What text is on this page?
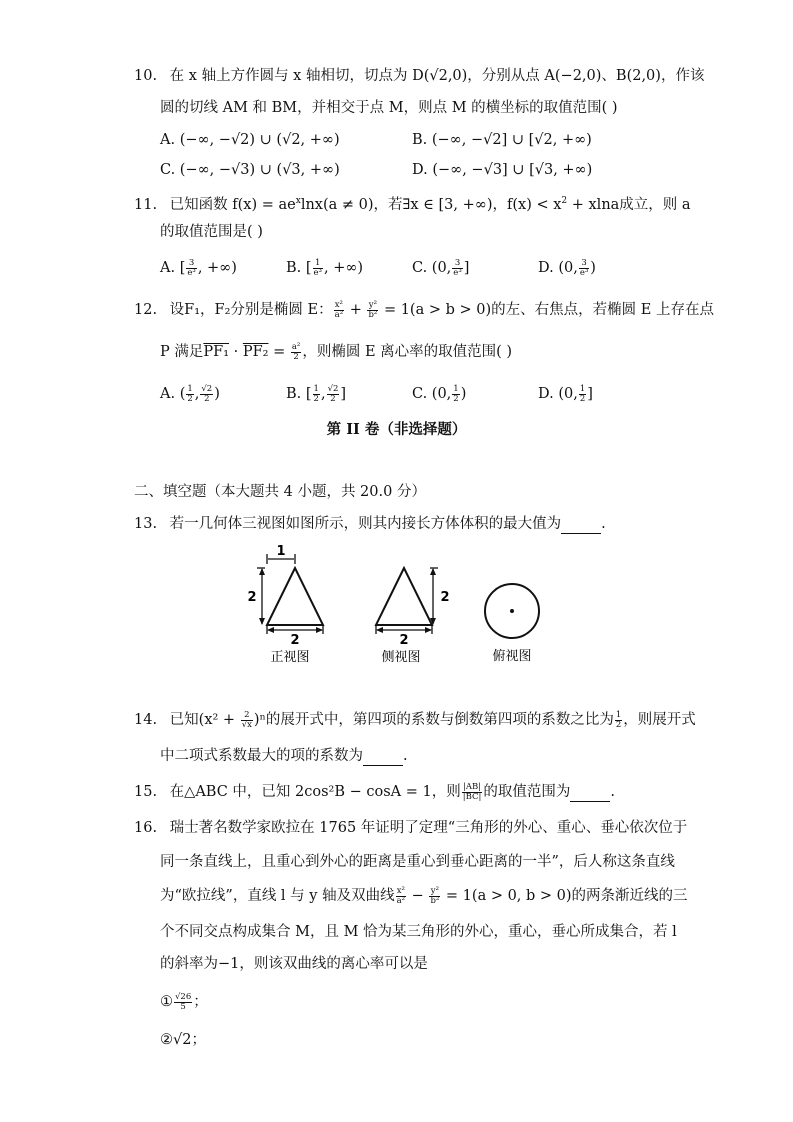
10. 在 x 轴上方作圆与 x 轴相切，切点为 D(√2,0)，分别从点 A(−2,0)、B(2,0)，作该
圆的切线 AM 和 BM，并相交于点 M，则点 M 的横坐标的取值范围( )
A. (−∞, −√2) ∪ (√2, +∞)	B. (−∞, −√2] ∪ [√2, +∞)
C. (−∞, −√3) ∪ (√3, +∞)	D. (−∞, −√3] ∪ [√3, +∞)
11. 已知函数 $f(x) = ae^x\ln x(a \ne 0)$，若∃x ∈ [3, +∞)，$f(x) < x^2 + xlna$成立，则 a
的取值范围是( )
A. [ $\frac{3}{\text{e³}}$ , +∞)	B. [ $\frac{1}{\text{e³}}$ , +∞)	C. (0, $\frac{3}{\text{e³}}$ ]	D. (0, $\frac{3}{\text{e³}}$ )
12. 设F₁，F₂分别是椭圆 E： $\frac{\text{x²}}{\text{a²}} + \frac{\text{y²}}{\text{b²}} = 1(a > b > 0)$的左、右焦点，若椭圆 E 上存在点
P 满足$PF_1 \cdot PF_2 = \frac{\text{a²}}{2}$ ，则椭圆 E 离心率的取值范围( )
A. ( $\frac{1}{2}$ , $\frac{√2}{2}$ )	B. [ $\frac{1}{2}$ , $\frac{√2}{2}$ ]	C. (0, $\frac{1}{2}$ )	D. (0, $\frac{1}{2}$ ]
第 II 卷（非选择题）
二、填空题（本大题共 4 小题，共 20.0 分）
13. 若一几何体三视图如图所示，则其内接长方体体积的最大值为	.
1
2
2
正视图
2
2
侧视图	俯视图
14. 已知$(x^2 + \frac{2}{√x} )^n$的展开式中，第四项的系数与倒数第四项的系数之比为 $\frac{1}{2}$ ，则展开式
中二项式系数最大的项的系数为	.
15. 在△ABC 中，已知 2cos²B − cosA = 1，则 $\frac{|AB|}{|BC|}$ 的取值范围为	.
16. 瑞士著名数学家欧拉在 1765 年证明了定理“三角形的外心、重心、垂心依次位于
同一条直线上，且重心到外心的距离是重心到垂心距离的一半”，后人称这条直线
为“欧拉线”，直线 l 与 y 轴及双曲线 $\frac{\text{x²}}{\text{a²}} - \frac{\text{y²}}{\text{b²}} = 1(a > 0$, b > 0)的两条渐近线的三
个不同交点构成集合 M，且 M 恰为某三角形的外心，重心，垂心所成集合，若 l
的斜率为−1，则该双曲线的离心率可以是
① $\frac{√26}{5}$ ；
②√2；
